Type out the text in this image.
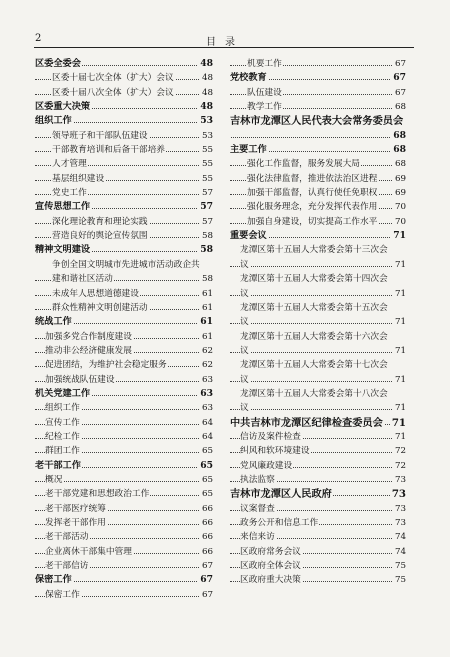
2	目录
区委全委会	48
区委十届七次全体（扩大）会议	48
区委十届八次全体（扩大）会议	48
区委重大决策	48
组织工作	53
领导班子和干部队伍建设	53
干部教育培训和后备干部培养	55
人才管理	55
基层组织建设	55
党史工作	57
宣传思想工作	57
深化理论教育和理论实践	57
营造良好的舆论宣传氛围	58
精神文明建设	58
争创全国文明城市先进城市活动政企共
建和谐社区活动	58
未成年人思想道德建设	61
群众性精神文明创建活动	61
统战工作	61
加强多党合作制度建设	61
推动非公经济健康发展	62
促进团结，为维护社会稳定服务	62
加强统战队伍建设	63
机关党建工作	63
组织工作	63
宣传工作	64
纪检工作	64
群团工作	65
老干部工作	65
概况	65
老干部党建和思想政治工作	65
老干部医疗统筹	66
发挥老干部作用	66
老干部活动	66
企业离休干部集中管理	66
老干部信访	67
保密工作	67
保密工作	67
机要工作	67
党校教育	67
队伍建设	67
教学工作	68
吉林市龙潭区人民代表大会常务委员会
68
主要工作	68
强化工作监督，服务发展大局	68
强化法律监督，推进依法治区进程 69
加强干部监督，认真行使任免职权 69
强化服务理念，充分发挥代表作用 70
加强自身建设，切实提高工作水平 70
重要会议	71
龙潭区第十五届人大常委会第十三次会
议	71
龙潭区第十五届人大常委会第十四次会
议	71
龙潭区第十五届人大常委会第十五次会
议	71
龙潭区第十五届人大常委会第十六次会
议	71
龙潭区第十五届人大常委会第十七次会
议	71
龙潭区第十五届人大常委会第十八次会
议	71
中共吉林市龙潭区纪律检查委员会 71
信访及案件检查	71
纠风和软环境建设	72
党风廉政建设	72
执法监察	73
吉林市龙潭区人民政府	73
议案督查	73
政务公开和信息工作	73
来信来访	74
区政府常务会议	74
区政府全体会议	75
区政府重大决策	75
